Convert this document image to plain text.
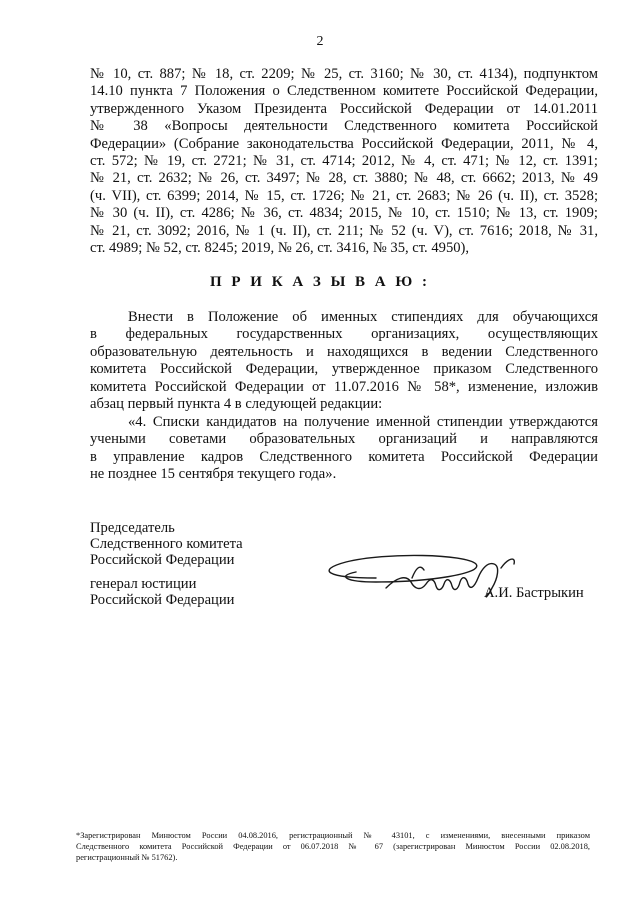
2
№ 10, ст. 887; № 18, ст. 2209; № 25, ст. 3160; № 30, ст. 4134), подпунктом
14.10 пункта 7 Положения о Следственном комитете Российской Федерации,
утвержденного Указом Президента Российской Федерации от 14.01.2011
№ 38 «Вопросы деятельности Следственного комитета Российской
Федерации» (Собрание законодательства Российской Федерации, 2011, № 4,
ст. 572; № 19, ст. 2721; № 31, ст. 4714; 2012, № 4, ст. 471; № 12, ст. 1391;
№ 21, ст. 2632; № 26, ст. 3497; № 28, ст. 3880; № 48, ст. 6662; 2013, № 49
(ч. VII), ст. 6399; 2014, № 15, ст. 1726; № 21, ст. 2683; № 26 (ч. II), ст. 3528;
№ 30 (ч. II), ст. 4286; № 36, ст. 4834; 2015, № 10, ст. 1510; № 13, ст. 1909;
№ 21, ст. 3092; 2016, № 1 (ч. II), ст. 211; № 52 (ч. V), ст. 7616; 2018, № 31,
ст. 4989; № 52, ст. 8245; 2019, № 26, ст. 3416, № 35, ст. 4950),
П Р И К А З Ы В А Ю :
Внести в Положение об именных стипендиях для обучающихся
в федеральных государственных организациях, осуществляющих
образовательную деятельность и находящихся в ведении Следственного
комитета Российской Федерации, утвержденное приказом Следственного
комитета Российской Федерации от 11.07.2016 № 58*, изменение, изложив
абзац первый пункта 4 в следующей редакции:
«4. Списки кандидатов на получение именной стипендии утверждаются
учеными советами образовательных организаций и направляются
в управление кадров Следственного комитета Российской Федерации
не позднее 15 сентября текущего года».
Председатель
Следственного комитета
Российской Федерации
генерал юстиции
Российской Федерации	А.И. Бастрыкин
*Зарегистрирован Минюстом России 04.08.2016, регистрационный № 43101, с изменениями, внесенными приказом
Следственного комитета Российской Федерации от 06.07.2018 № 67 (зарегистрирован Минюстом России 02.08.2018,
регистрационный № 51762).
